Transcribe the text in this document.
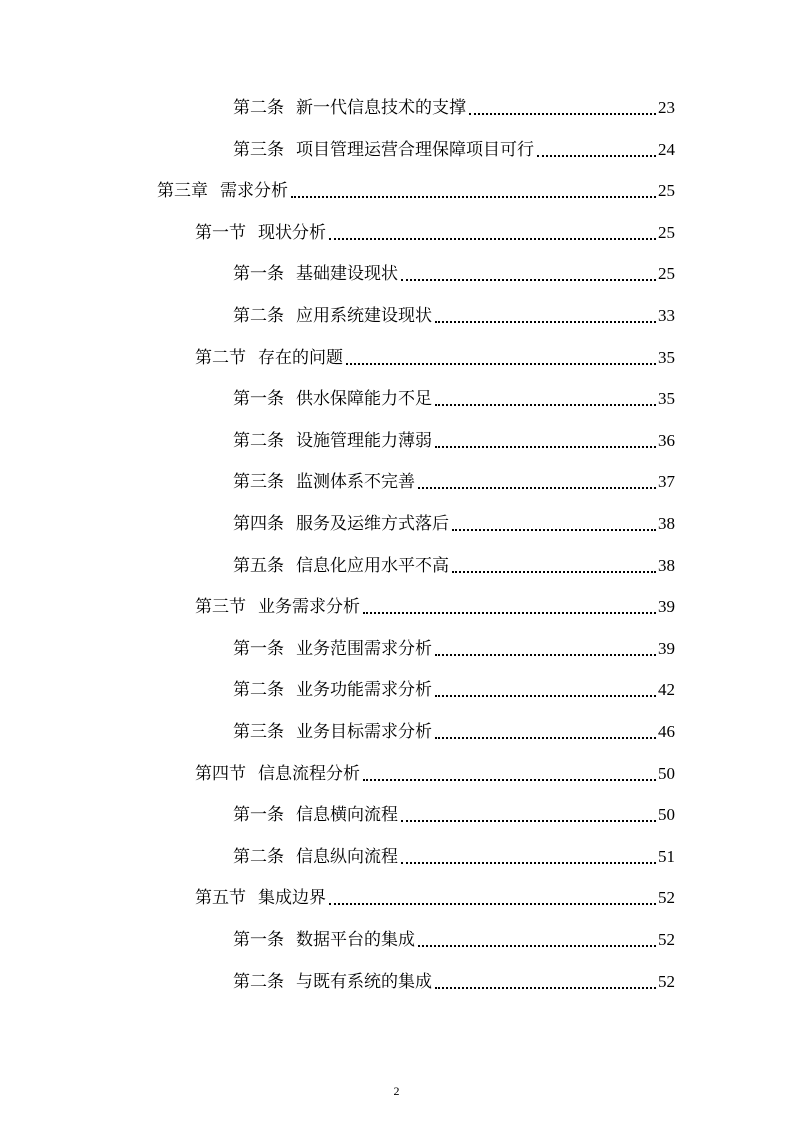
第二条 新一代信息技术的支撑	23
第三条 项目管理运营合理保障项目可行	24
第三章 需求分析	25
第一节 现状分析	25
第一条 基础建设现状	25
第二条 应用系统建设现状	33
第二节 存在的问题	35
第一条 供水保障能力不足	35
第二条 设施管理能力薄弱	36
第三条 监测体系不完善	37
第四条 服务及运维方式落后	38
第五条 信息化应用水平不高	38
第三节 业务需求分析	39
第一条 业务范围需求分析	39
第二条 业务功能需求分析	42
第三条 业务目标需求分析	46
第四节 信息流程分析	50
第一条 信息横向流程	50
第二条 信息纵向流程	51
第五节 集成边界	52
第一条 数据平台的集成	52
第二条 与既有系统的集成	52
2
